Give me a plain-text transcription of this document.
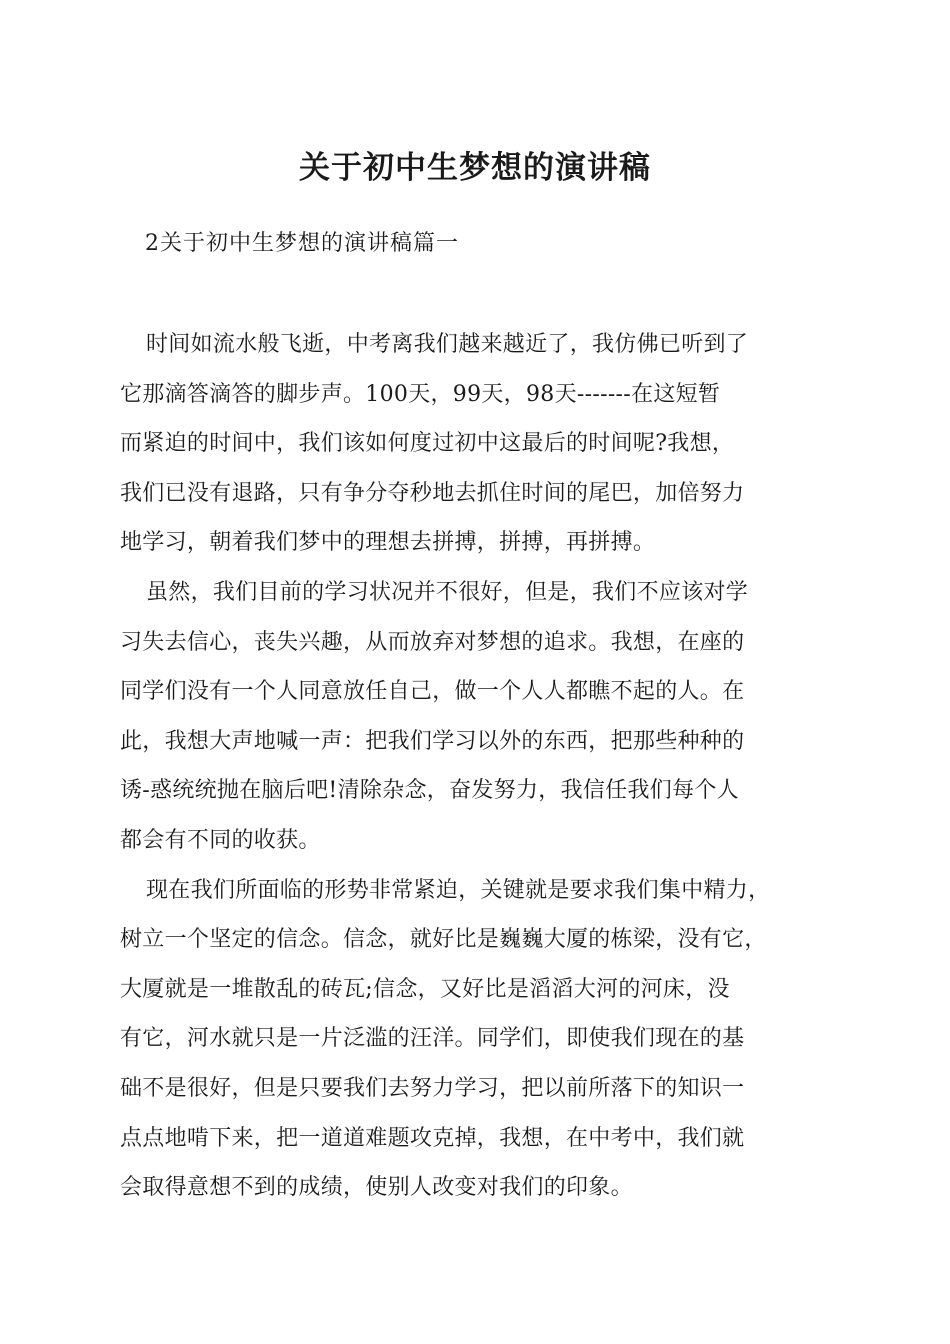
关于初中生梦想的演讲稿
2关于初中生梦想的演讲稿篇一

时间如流水般飞逝，中考离我们越来越近了，我仿佛已听到了
它那滴答滴答的脚步声。100天，99天，98天-------在这短暂
而紧迫的时间中，我们该如何度过初中这最后的时间呢?我想，
我们已没有退路，只有争分夺秒地去抓住时间的尾巴，加倍努力
地学习，朝着我们梦中的理想去拼搏，拼搏，再拼搏。

虽然，我们目前的学习状况并不很好，但是，我们不应该对学
习失去信心，丧失兴趣，从而放弃对梦想的追求。我想，在座的
同学们没有一个人同意放任自己，做一个人人都瞧不起的人。在
此，我想大声地喊一声：把我们学习以外的东西，把那些种种的
诱-惑统统抛在脑后吧!清除杂念，奋发努力，我信任我们每个人
都会有不同的收获。

现在我们所面临的形势非常紧迫，关键就是要求我们集中精力，
树立一个坚定的信念。信念，就好比是巍巍大厦的栋梁，没有它，
大厦就是一堆散乱的砖瓦;信念，又好比是滔滔大河的河床，没
有它，河水就只是一片泛滥的汪洋。同学们，即使我们现在的基
础不是很好，但是只要我们去努力学习，把以前所落下的知识一
点点地啃下来，把一道道难题攻克掉，我想，在中考中，我们就
会取得意想不到的成绩，使别人改变对我们的印象。
